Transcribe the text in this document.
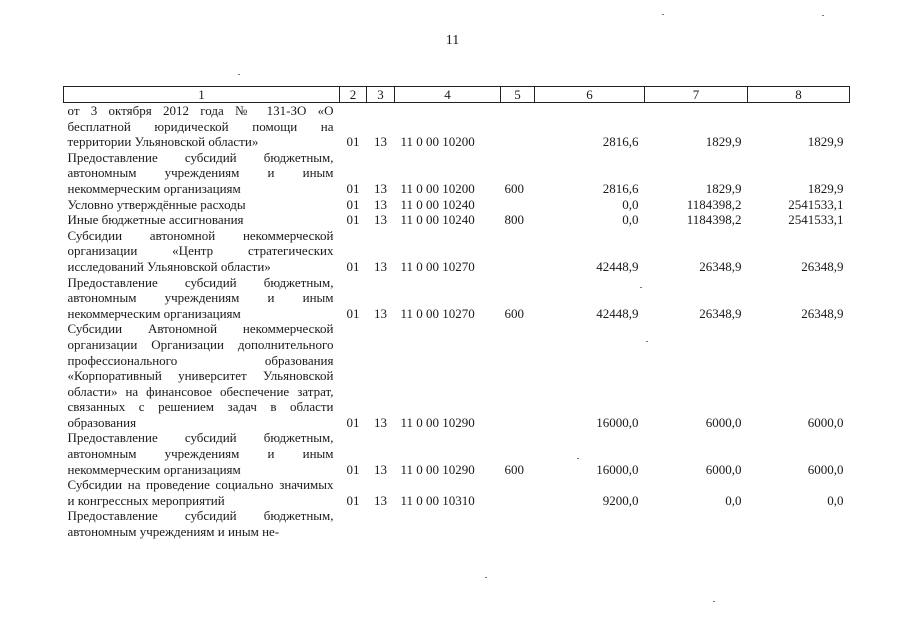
11
1	2	3	4	5	6	7	8
от 3 октября 2012 года № 131-ЗО «О бесплатной юридической помощи на территории Ульяновской области»	01	13	11 0 00 10200		2816,6	1829,9	1829,9
Предоставление субсидий бюджетным, автономным учреждениям и иным некоммерческим организациям	01	13	11 0 00 10200	600	2816,6	1829,9	1829,9
Условно утверждённые расходы	01	13	11 0 00 10240		0,0	1184398,2	2541533,1
Иные бюджетные ассигнования	01	13	11 0 00 10240	800	0,0	1184398,2	2541533,1
Субсидии автономной некоммерческой организации «Центр стратегических исследований Ульяновской области»	01	13	11 0 00 10270		42448,9	26348,9	26348,9
Предоставление субсидий бюджетным, автономным учреждениям и иным некоммерческим организациям	01	13	11 0 00 10270	600	42448,9	26348,9	26348,9
Субсидии Автономной некоммерческой организации Организации дополнительного профессионального образования «Корпоративный университет Ульяновской области» на финансовое обеспечение затрат, связанных с решением задач в области образования	01	13	11 0 00 10290		16000,0	6000,0	6000,0
Предоставление субсидий бюджетным, автономным учреждениям и иным некоммерческим организациям	01	13	11 0 00 10290	600	16000,0	6000,0	6000,0
Субсидии на проведение социально значимых и конгрессных мероприятий	01	13	11 0 00 10310		9200,0	0,0	0,0
Предоставление субсидий бюджетным, автономным учреждениям и иным не-							
